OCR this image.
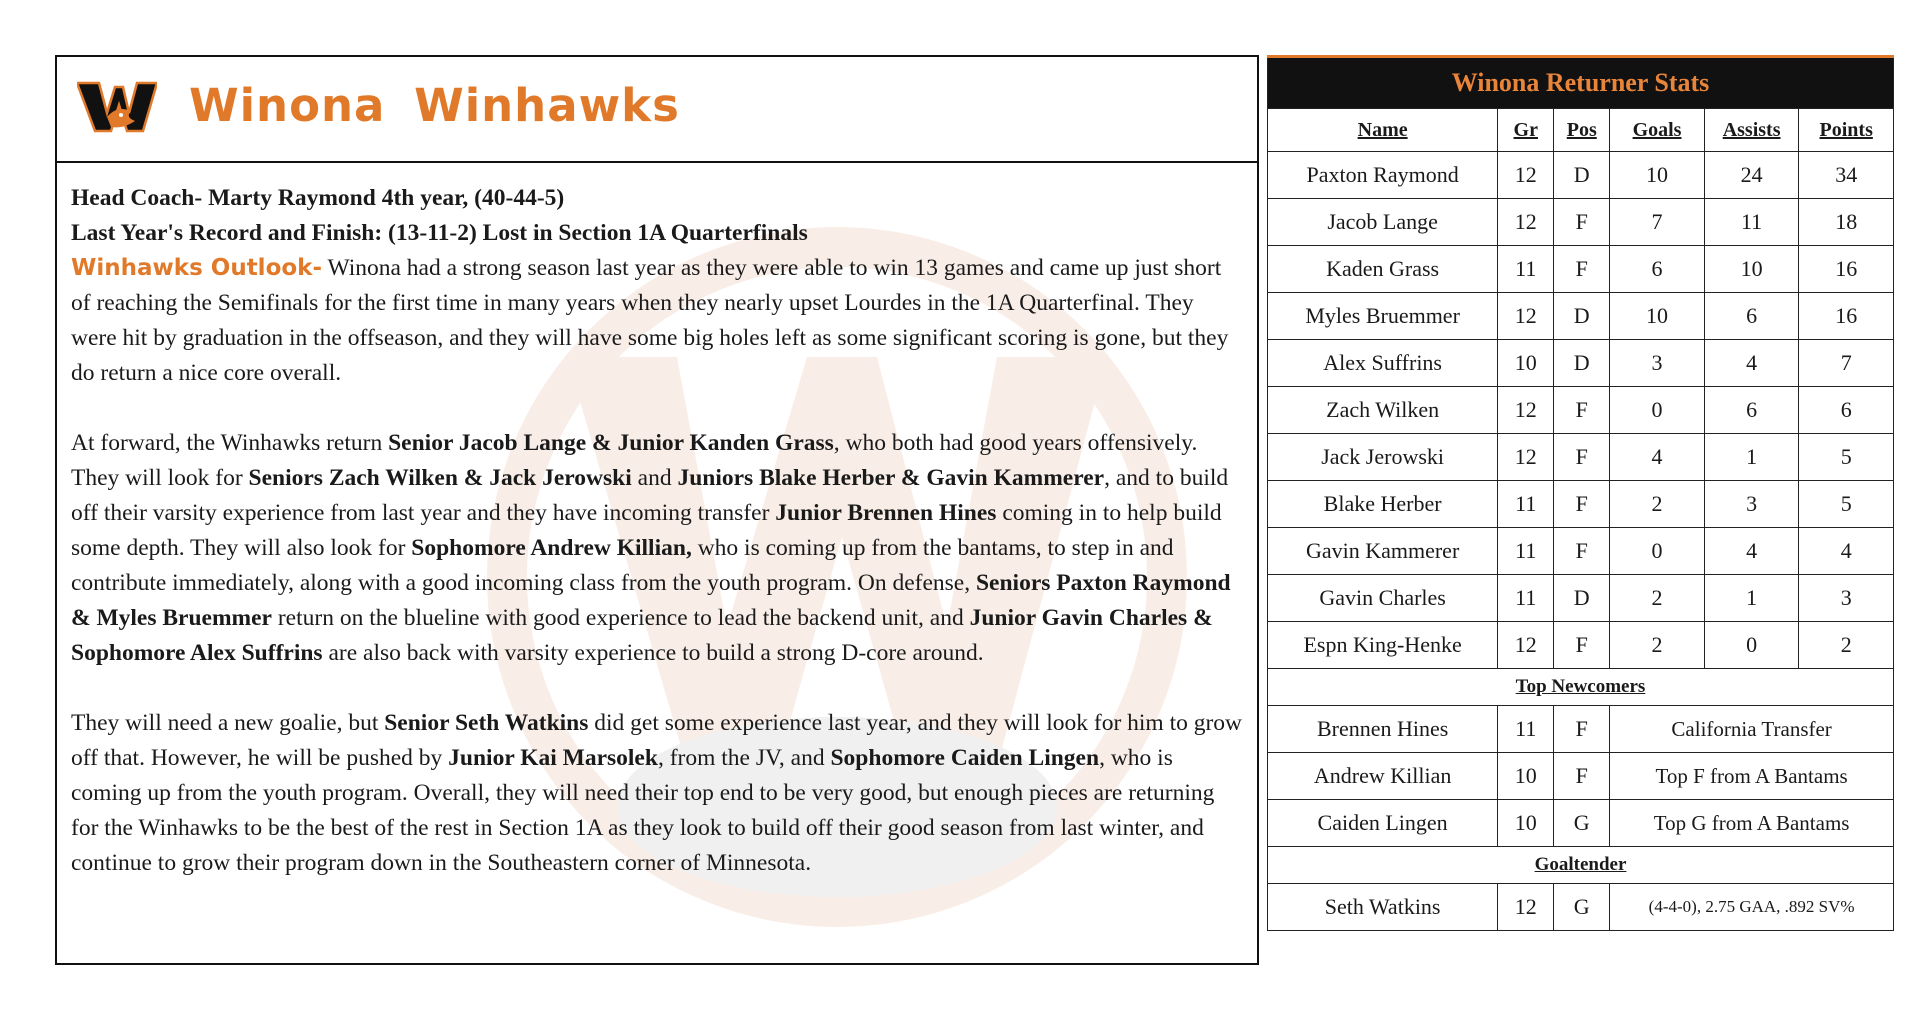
Winona Winhawks

Head Coach- Marty Raymond 4th year, (40-44-5)

Last Year's Record and Finish: (13-11-2) Lost in Section 1A Quarterfinals

Winhawks Outlook- Winona had a strong season last year as they were able to win 13 games and came up just short of reaching the Semifinals for the first time in many years when they nearly upset Lourdes in the 1A Quarterfinal. They were hit by graduation in the offseason, and they will have some big holes left as some significant scoring is gone, but they do return a nice core overall.

At forward, the Winhawks return Senior Jacob Lange & Junior Kanden Grass, who both had good years offensively. They will look for Seniors Zach Wilken & Jack Jerowski and Juniors Blake Herber & Gavin Kammerer, and to build off their varsity experience from last year and they have incoming transfer Junior Brennen Hines coming in to help build some depth. They will also look for Sophomore Andrew Killian, who is coming up from the bantams, to step in and contribute immediately, along with a good incoming class from the youth program. On defense, Seniors Paxton Raymond & Myles Bruemmer return on the blueline with good experience to lead the backend unit, and Junior Gavin Charles & Sophomore Alex Suffrins are also back with varsity experience to build a strong D-core around.

They will need a new goalie, but Senior Seth Watkins did get some experience last year, and they will look for him to grow off that. However, he will be pushed by Junior Kai Marsolek, from the JV, and Sophomore Caiden Lingen, who is coming up from the youth program. Overall, they will need their top end to be very good, but enough pieces are returning for the Winhawks to be the best of the rest in Section 1A as they look to build off their good season from last winter, and continue to grow their program down in the Southeastern corner of Minnesota.

Winona Returner Stats					
Name	Gr	Pos	Goals	Assists	Points
Paxton Raymond	12	D	10	24	34
Jacob Lange	12	F	7	11	18
Kaden Grass	11	F	6	10	16
Myles Bruemmer	12	D	10	6	16
Alex Suffrins	10	D	3	4	7
Zach Wilken	12	F	0	6	6
Jack Jerowski	12	F	4	1	5
Blake Herber	11	F	2	3	5
Gavin Kammerer	11	F	0	4	4
Gavin Charles	11	D	2	1	3
Espn King-Henke	12	F	2	0	2
Top Newcomers					
Brennen Hines	11	F	California Transfer		
Andrew Killian	10	F	Top F from A Bantams		
Caiden Lingen	10	G	Top G from A Bantams		
Goaltender					
Seth Watkins	12	G	(4-4-0), 2.75 GAA, .892 SV%		
